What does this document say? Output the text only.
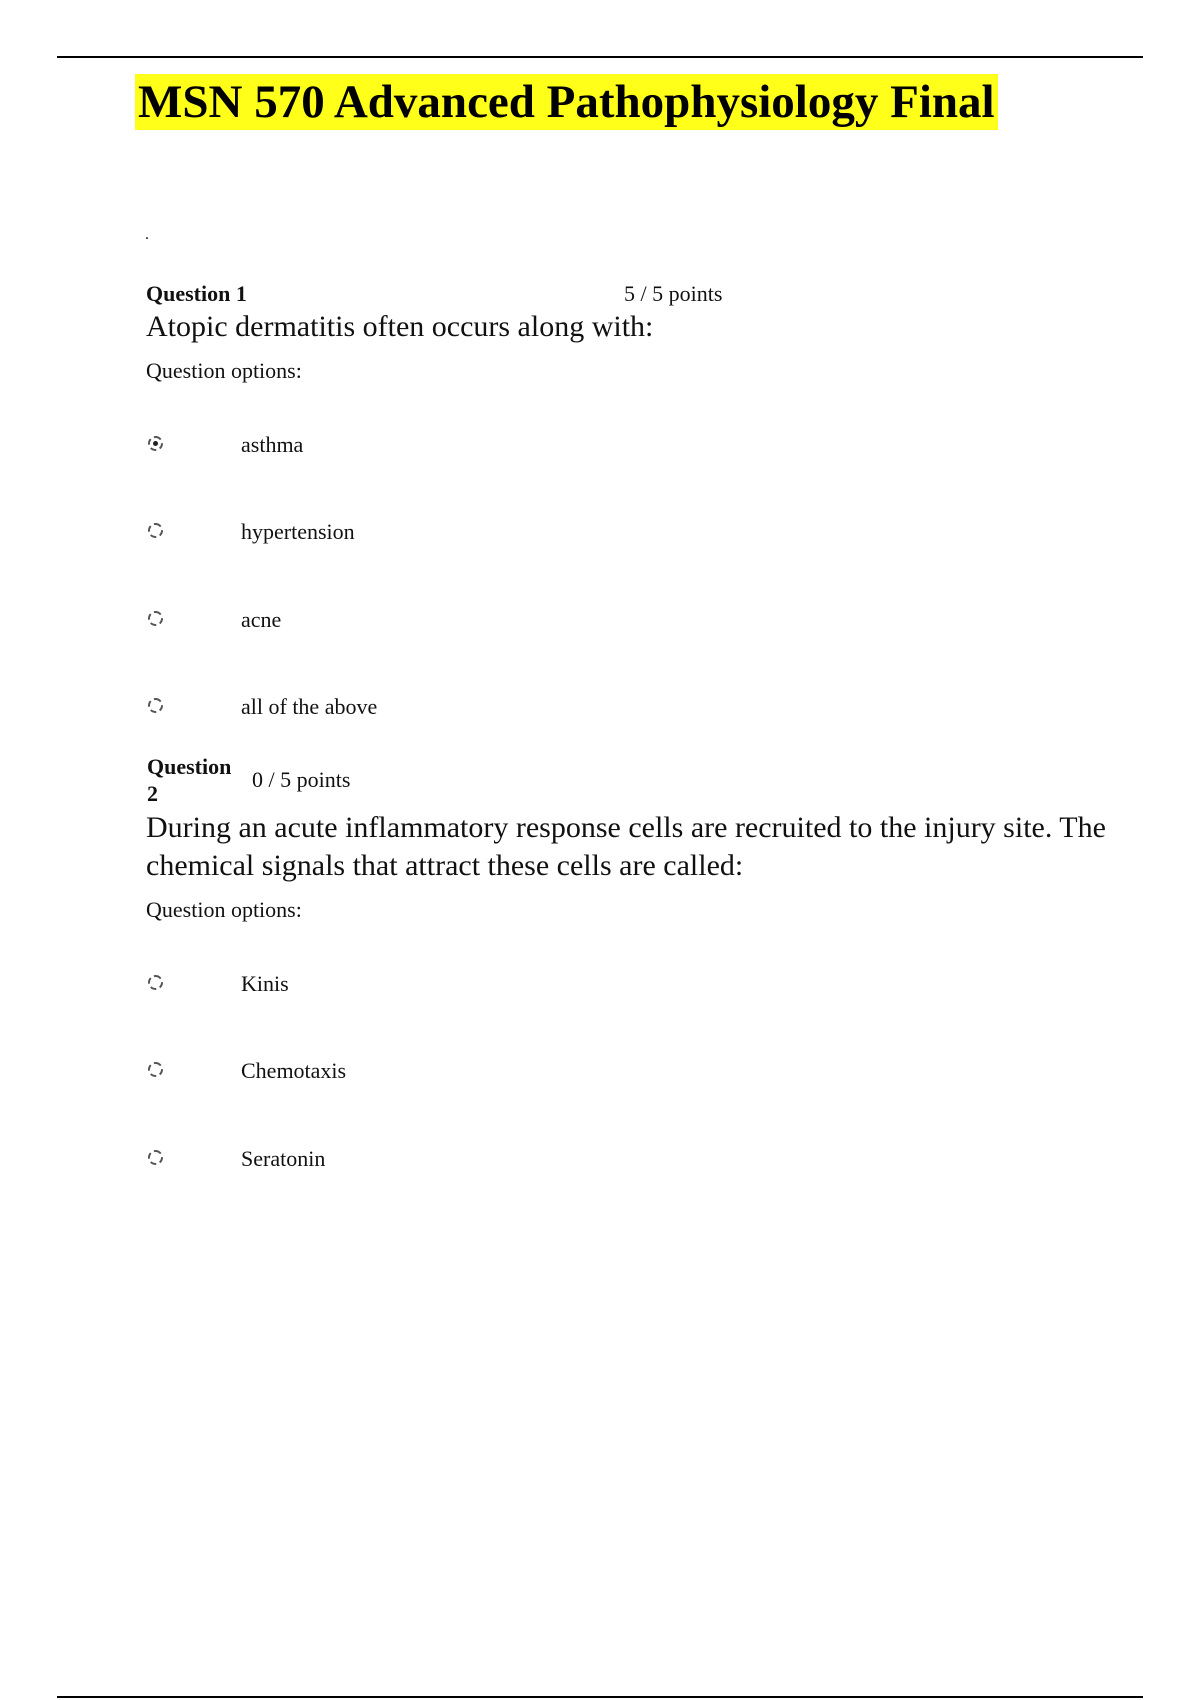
MSN 570 Advanced Pathophysiology Final
.
Question 1	5 / 5 points

Atopic dermatitis often occurs along with:

Question options:
asthma
hypertension
acne
all of the above
Question 2
0 / 5 points

During an acute inflammatory response cells are recruited to the injury site. The chemical signals that attract these cells are called:

Question options:
Kinis
Chemotaxis
Seratonin
